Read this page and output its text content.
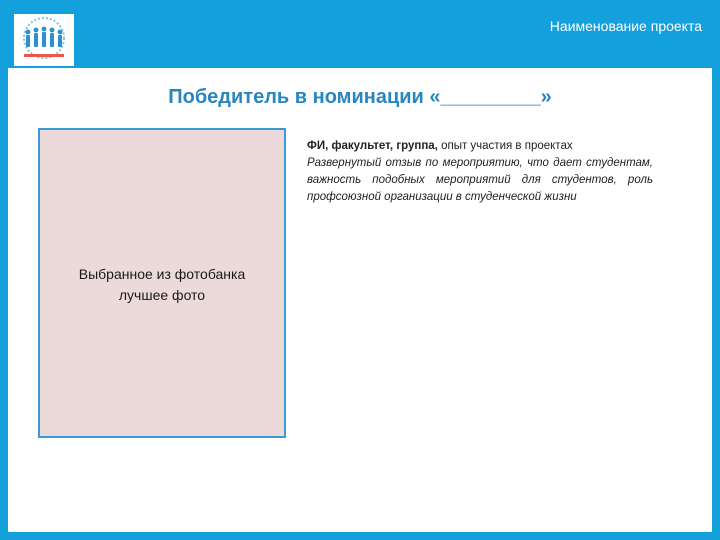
Наименование проекта
Победитель в номинации «_________»
Выбранное из фотобанка
лучшее фото
ФИ, факультет, группа, опыт участия в проектах
Развернутый отзыв по мероприятию, что дает студентам, важность подобных мероприятий для студентов, роль профсоюзной организации в студенческой жизни
